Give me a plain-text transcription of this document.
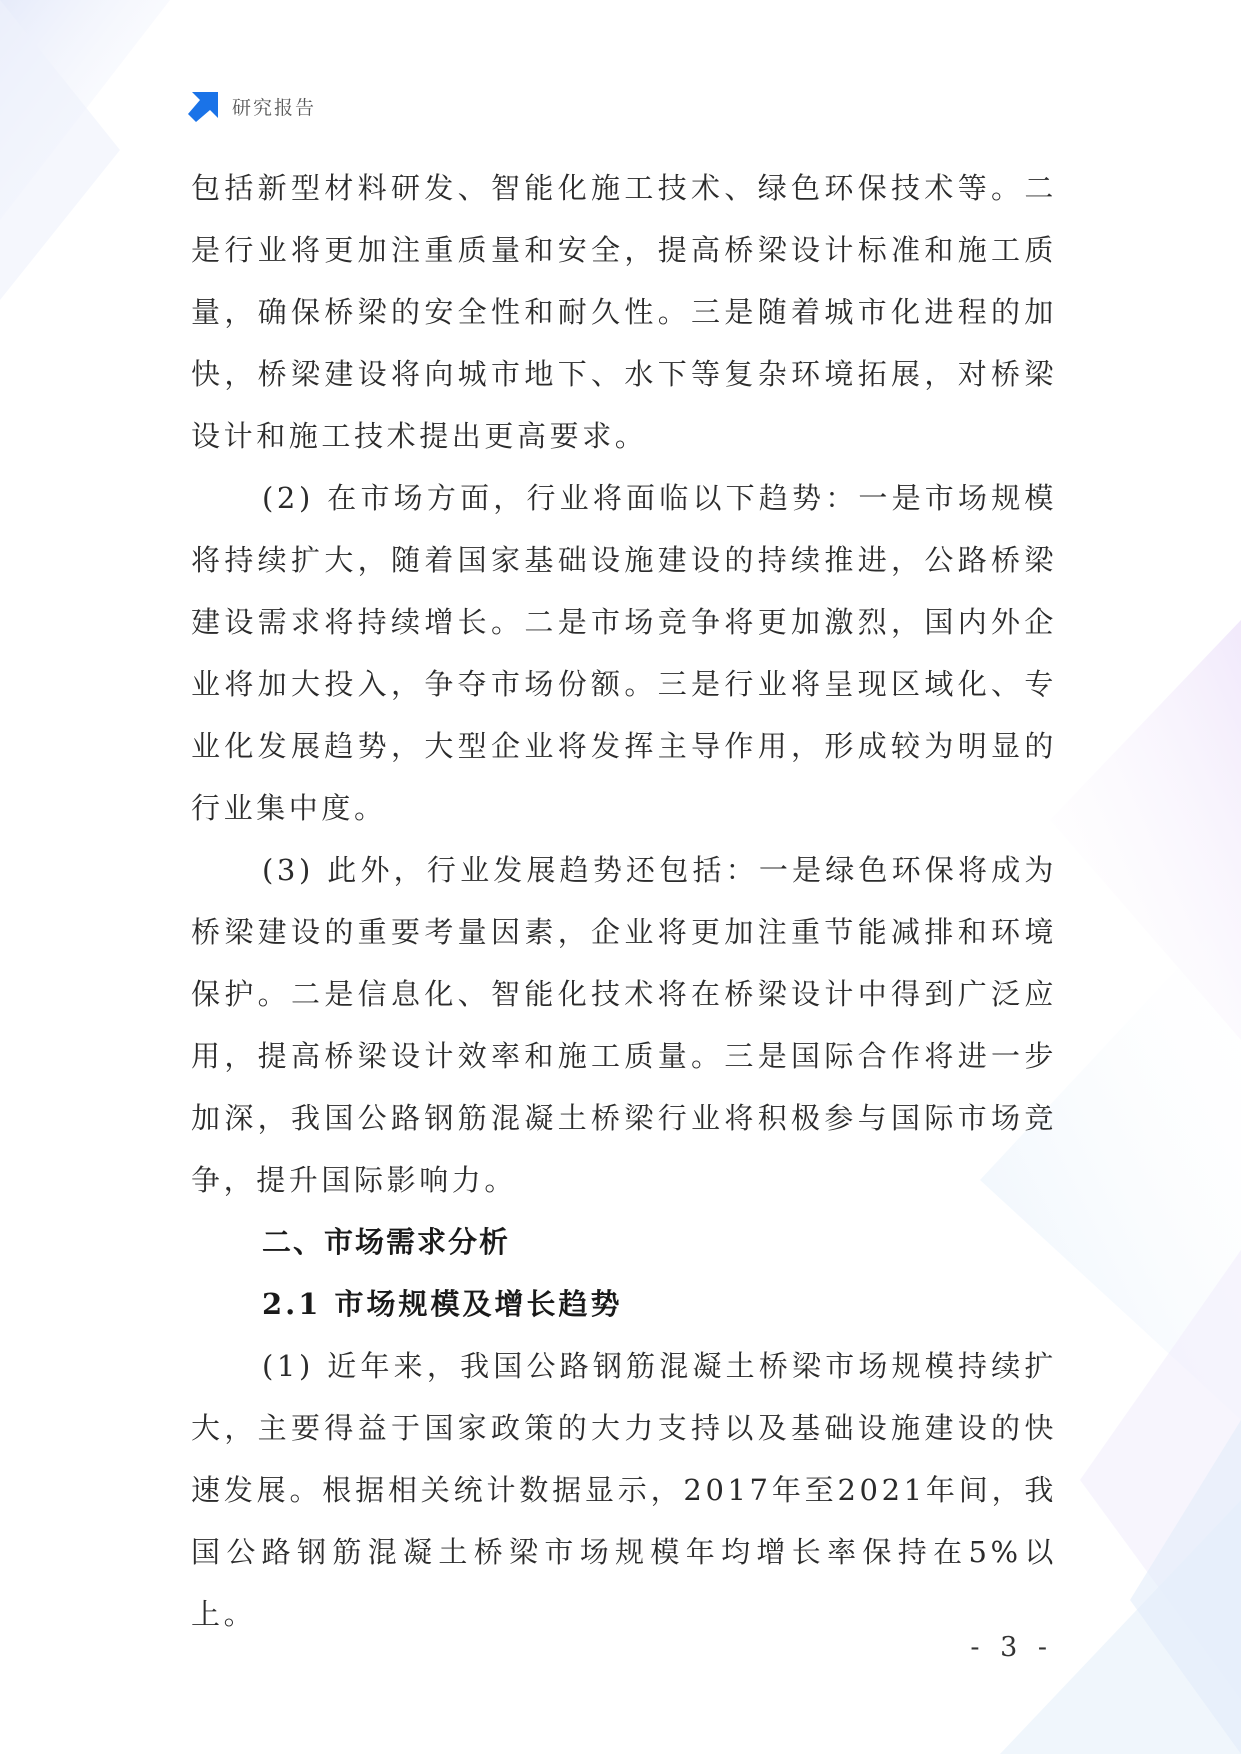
研究报告

包括新型材料研发、智能化施工技术、绿色环保技术等。二是行业将更加注重质量和安全，提高桥梁设计标准和施工质量，确保桥梁的安全性和耐久性。三是随着城市化进程的加快，桥梁建设将向城市地下、水下等复杂环境拓展，对桥梁设计和施工技术提出更高要求。

(2) 在市场方面，行业将面临以下趋势：一是市场规模将持续扩大，随着国家基础设施建设的持续推进，公路桥梁建设需求将持续增长。二是市场竞争将更加激烈，国内外企业将加大投入，争夺市场份额。三是行业将呈现区域化、专业化发展趋势，大型企业将发挥主导作用，形成较为明显的行业集中度。

(3) 此外，行业发展趋势还包括：一是绿色环保将成为桥梁建设的重要考量因素，企业将更加注重节能减排和环境保护。二是信息化、智能化技术将在桥梁设计中得到广泛应用，提高桥梁设计效率和施工质量。三是国际合作将进一步加深，我国公路钢筋混凝土桥梁行业将积极参与国际市场竞争，提升国际影响力。

二、市场需求分析
2.1 市场规模及增长趋势

(1) 近年来，我国公路钢筋混凝土桥梁市场规模持续扩大，主要得益于国家政策的大力支持以及基础设施建设的快速发展。根据相关统计数据显示，2017年至2021年间，我国公路钢筋混凝土桥梁市场规模年均增长率保持在5%以上。

- 3 -
